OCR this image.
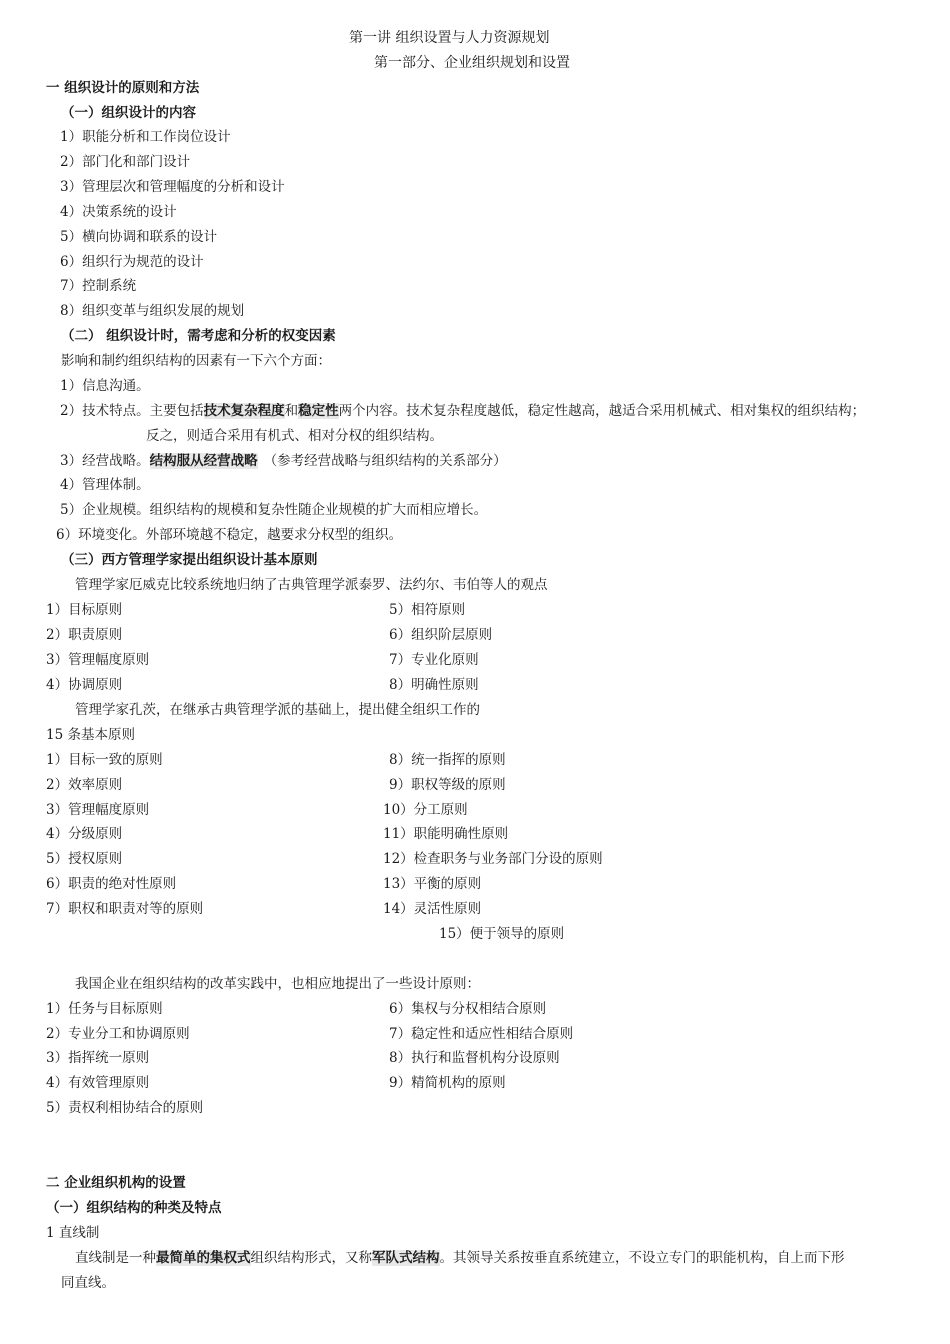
第一讲 组织设置与人力资源规划
第一部分、企业组织规划和设置
一 组织设计的原则和方法
（一）组织设计的内容
1）职能分析和工作岗位设计
2）部门化和部门设计
3）管理层次和管理幅度的分析和设计
4）决策系统的设计
5）横向协调和联系的设计
6）组织行为规范的设计
7）控制系统
8）组织变革与组织发展的规划
（二） 组织设计时，需考虑和分析的权变因素
影响和制约组织结构的因素有一下六个方面：
1）信息沟通。
2）技术特点。主要包括技术复杂程度和稳定性两个内容。技术复杂程度越低，稳定性越高，越适合采用机械式、相对集权的组织结构；
反之，则适合采用有机式、相对分权的组织结构。
3）经营战略。结构服从经营战略 （参考经营战略与组织结构的关系部分）
4）管理体制。
5）企业规模。组织结构的规模和复杂性随企业规模的扩大而相应增长。
6）环境变化。外部环境越不稳定，越要求分权型的组织。
（三）西方管理学家提出组织设计基本原则
管理学家厄威克比较系统地归纳了古典管理学派泰罗、法约尔、韦伯等人的观点
1）目标原则
2）职责原则
3）管理幅度原则
4）协调原则
5）相符原则
6）组织阶层原则
7）专业化原则
8）明确性原则
管理学家孔茨，在继承古典管理学派的基础上，提出健全组织工作的
15 条基本原则
1）目标一致的原则
2）效率原则
3）管理幅度原则
4）分级原则
5）授权原则
6）职责的绝对性原则
7）职权和职责对等的原则
8）统一指挥的原则
9）职权等级的原则
10）分工原则
11）职能明确性原则
12）检查职务与业务部门分设的原则
13）平衡的原则
14）灵活性原则
15）便于领导的原则
我国企业在组织结构的改革实践中，也相应地提出了一些设计原则：
1）任务与目标原则
2）专业分工和协调原则
3）指挥统一原则
4）有效管理原则
5）责权利相协结合的原则
6）集权与分权相结合原则
7）稳定性和适应性相结合原则
8）执行和监督机构分设原则
9）精简机构的原则
二 企业组织机构的设置
（一）组织结构的种类及特点
1 直线制
直线制是一种最简单的集权式组织结构形式，又称军队式结构。其领导关系按垂直系统建立，不设立专门的职能机构，自上而下形
同直线。
